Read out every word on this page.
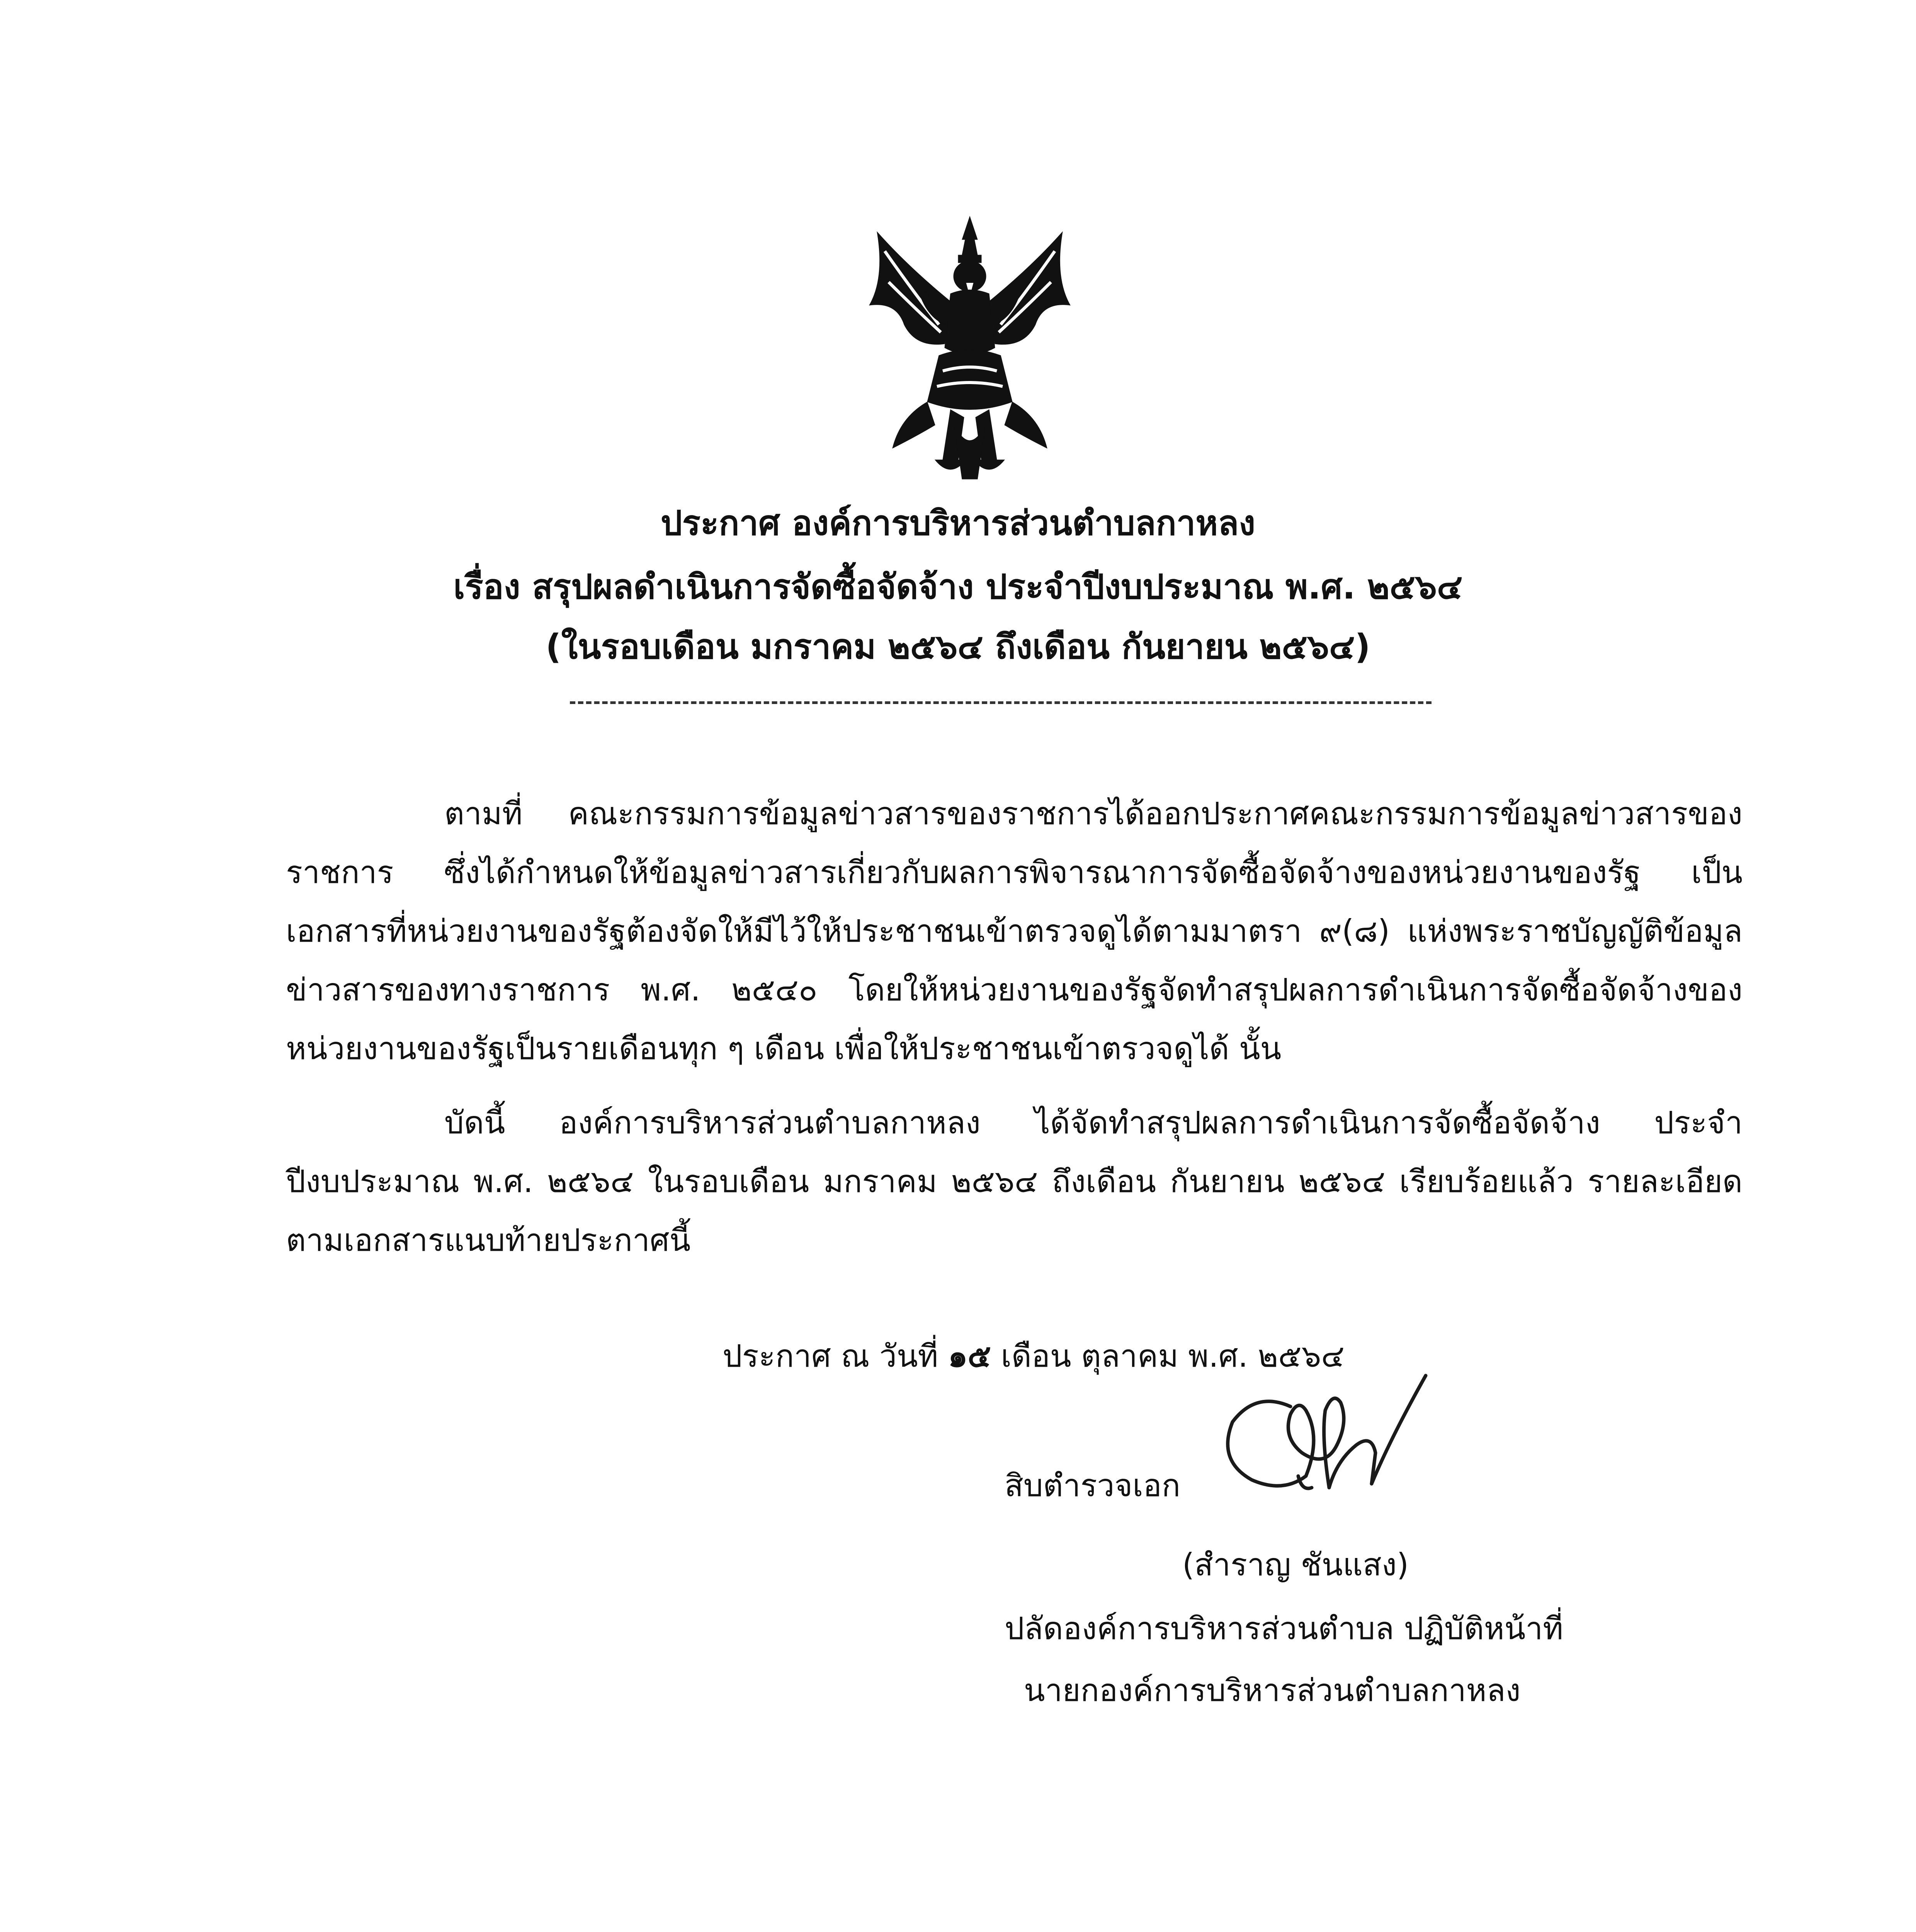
ประกาศ องค์การบริหารส่วนตำบลกาหลง
เรื่อง สรุปผลดำเนินการจัดซื้อจัดจ้าง ประจำปีงบประมาณ พ.ศ. ๒๕๖๔
(ในรอบเดือน มกราคม ๒๕๖๔ ถึงเดือน กันยายน ๒๕๖๔)

ตามที่ คณะกรรมการข้อมูลข่าวสารของราชการได้ออกประกาศคณะกรรมการข้อมูลข่าวสารของราชการ ซึ่งได้กำหนดให้ข้อมูลข่าวสารเกี่ยวกับผลการพิจารณาการจัดซื้อจัดจ้างของหน่วยงานของรัฐ เป็นเอกสารที่หน่วยงานของรัฐต้องจัดให้มีไว้ให้ประชาชนเข้าตรวจดูได้ตามมาตรา ๙(๘) แห่งพระราชบัญญัติข้อมูลข่าวสารของทางราชการ พ.ศ. ๒๕๔๐ โดยให้หน่วยงานของรัฐจัดทำสรุปผลการดำเนินการจัดซื้อจัดจ้างของหน่วยงานของรัฐเป็นรายเดือนทุก ๆ เดือน เพื่อให้ประชาชนเข้าตรวจดูได้ นั้น

บัดนี้ องค์การบริหารส่วนตำบลกาหลง ได้จัดทำสรุปผลการดำเนินการจัดซื้อจัดจ้าง ประจำปีงบประมาณ พ.ศ. ๒๕๖๔ ในรอบเดือน มกราคม ๒๕๖๔ ถึงเดือน กันยายน ๒๕๖๔ เรียบร้อยแล้ว รายละเอียดตามเอกสารแนบท้ายประกาศนี้

ประกาศ ณ วันที่ ๑๕ เดือน ตุลาคม พ.ศ. ๒๕๖๔
สิบตำรวจเอก
(สำราญ ชันแสง)
ปลัดองค์การบริหารส่วนตำบล ปฏิบัติหน้าที่
นายกองค์การบริหารส่วนตำบลกาหลง
